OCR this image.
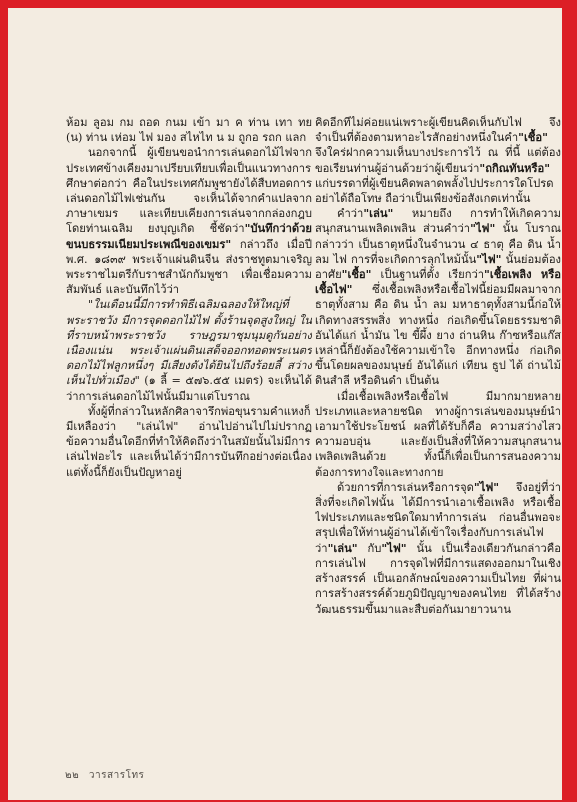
ห้อม ลูอม กม ถอด กนม เข้า มา ค ท่าน เทา ทย (น) ท่าน เห่อม ไฟ มอง สไหไท น ม ถูกอ รถก แลก

นอกจากนี้ ผู้เขียนขอนำการเล่นดอกไม้ไฟจากประเทศข้างเคียงมาเปรียบเทียบเพื่อเป็นแนวทางการศึกษาต่อกว่า คือในประเทศกัมพูชายังได้สืบทอดการเล่นดอกไม้ไฟเช่นกัน จะเห็นได้จากคำแปลจากภาษาเขมร และเทียบเคียงการเล่นจากกล่องกฎบ โดยท่านเฉลิม ยงบุญเกิด ชี้ชัดว่า"บันทึกว่าด้วยขนบธรรมเนียมประเพณีของเขมร" กล่าวถึง เมื่อปี พ.ศ. ๑๘๓๙ พระเจ้าแผ่นดินจีน ส่งราชทูตมาเจริญพระราชไมตรีกับราชสำนักกัมพูชา เพื่อเชื่อมความสัมพันธ์ และบันทึกไว้ว่า

"ในเดือนนี้มีการทำพิธีเฉลิมฉลองให้ใหญ่ที่พระราชวัง มีการจุดดอกไม้ไฟ ตั้งร้านจุดสูงใหญ่ ในที่ราบหน้าพระราชวัง ราษฎรมาชุมนุมดูกันอย่างเนืองแน่น พระเจ้าแผ่นดินเสด็จออกทอดพระเนตร ดอกไม้ไฟลูกหนึ่งๆ มีเสียงดังได้ยินไปถึงร้อยลี้ สว่างเห็นไปทั่วเมือง" (๑ ลี้ = ๕๗๖.๕๕ เมตร) จะเห็นได้ว่าการเล่นดอกไม้ไฟนั้นมีมาแต่โบราณ

ทั้งผู้ที่กล่าวในหลักศิลาจารึกพ่อขุนรามคำแหงก็มีเหลืองว่า "เล่นไฟ" อ่านไปอ่านไปไม่ปรากฏข้อความอื่นใดอีกที่ทำให้คิดถึงว่าในสมัยนั้นไม่มีการเล่นไฟอะไร และเห็นได้ว่ามีการบันทึกอย่างต่อเนื่อง แต่ทั้งนี้ก็ยังเป็นปัญหาอยู่

คิดอีกทีไม่ค่อยแน่เพราะผู้เขียนคิดเห็นกับไฟ จึงจำเป็นที่ต้องตามหาอะไรสักอย่างหนึ่งในคำ"เชื้อ" จึงใคร่ฝากความเห็นบางประการไว้ ณ ที่นี้ แต่ต้องขอเรียนท่านผู้อ่านด้วยว่าผู้เขียนว่า"ถกิณทันหรือ" แก่บรรดาที่ผู้เขียนคิดพลาดพลั้งไปประการใดโปรดอย่าได้ถือโทษ ถือว่าเป็นเพียงข้อสังเกตเท่านั้น

คำว่า"เล่น" หมายถึง การทำให้เกิดความสนุกสนานเพลิดเพลิน ส่วนคำว่า"ไฟ" นั้น โบราณกล่าวว่า เป็นธาตุหนึ่งในจำนวน ๔ ธาตุ คือ ดิน น้ำ ลม ไฟ การที่จะเกิดการลุกไหม้นั้น"ไฟ" นั้นย่อมต้องอาศัย"เชื้อ" เป็นฐานที่ตั้ง เรียกว่า"เชื้อเพลิง หรือเชื้อไฟ" ซึ่งเชื้อเพลิงหรือเชื้อไฟนี้ย่อมมีผลมาจากธาตุทั้งสาม คือ ดิน น้ำ ลม มหาธาตุทั้งสามนี้ก่อให้เกิดทางสรรพสิ่ง ทางหนึ่ง ก่อเกิดขึ้นโดยธรรมชาติ อันได้แก่ น้ำมัน ไข ขี้ผึ้ง ยาง ถ่านหิน ก๊าซหรือแก๊ส เหล่านี้ก็ยังต้องใช้ความเข้าใจ อีกทางหนึ่ง ก่อเกิดขึ้นโดยผลของมนุษย์ อันได้แก่ เทียน ธูป ไต้ ถ่านไม้ ดินสำลี หรือดินดำ เป็นต้น

เมื่อเชื้อเพลิงหรือเชื้อไฟ มีมากมายหลายประเภทและหลายชนิด ทางผู้การเล่นของมนุษย์นำเอามาใช้ประโยชน์ ผลที่ได้รับก็คือ ความสว่างไสว ความอบอุ่น และยังเป็นสิ่งที่ให้ความสนุกสนานเพลิดเพลินด้วย ทั้งนี้ก็เพื่อเป็นการสนองความต้องการทางใจและทางกาย

ด้วยการที่การเล่นหรือการจุด"ไฟ" จึงอยู่ที่ว่า สิ่งที่จะเกิดไฟนั้น ได้มีการนำเอาเชื้อเพลิง หรือเชื้อไฟประเภทและชนิดใดมาทำการเล่น ก่อนอื่นพอจะสรุปเพื่อให้ท่านผู้อ่านได้เข้าใจเรื่องกับการเล่นไฟว่า"เล่น" กับ"ไฟ" นั้น เป็นเรื่องเดียวกันกล่าวคือ การเล่นไฟ การจุดไฟที่มีการแสดงออกมาในเชิงสร้างสรรค์ เป็นเอกลักษณ์ของความเป็นไทย ที่ผ่านการสร้างสรรค์ด้วยภูมิปัญญาของคนไทย ที่ได้สร้างวัฒนธรรมขึ้นมาและสืบต่อกันมายาวนาน

๒๒ วารสารโทร
